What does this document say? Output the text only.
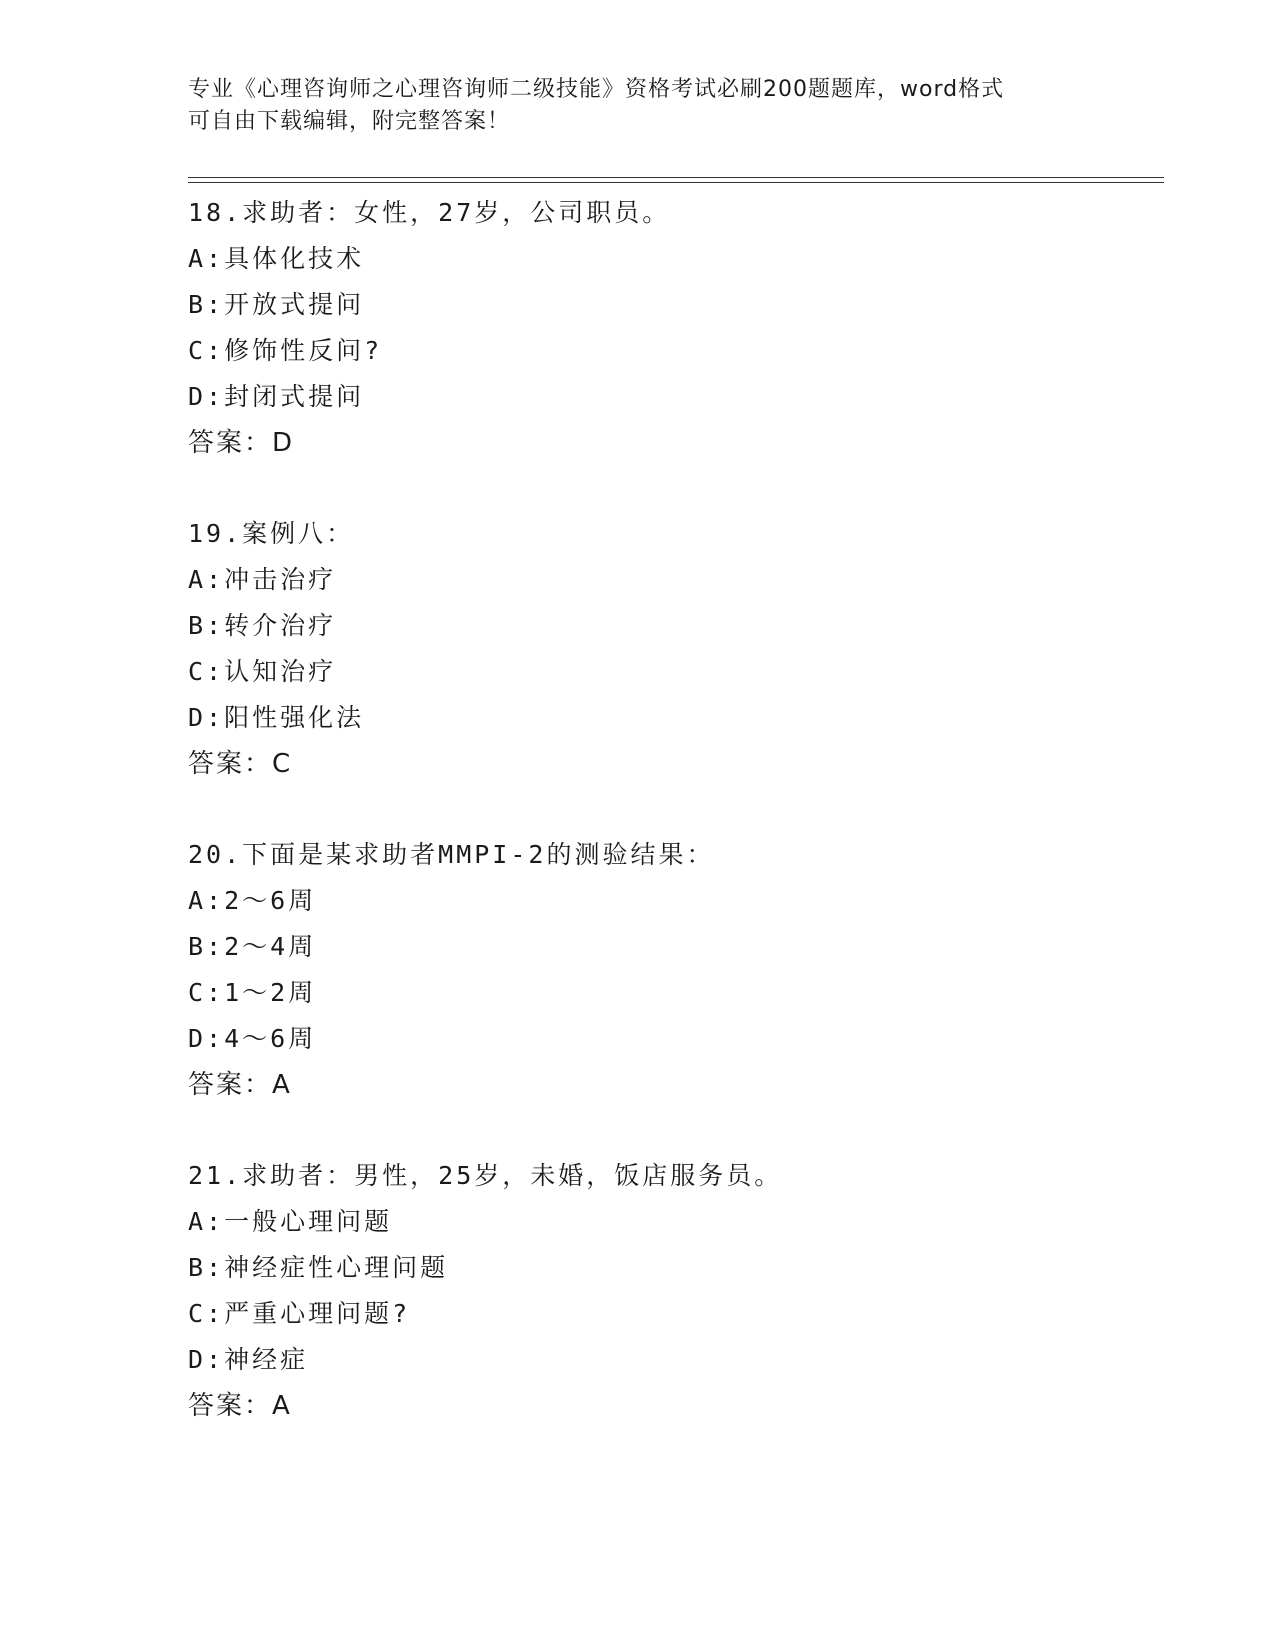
专业《心理咨询师之心理咨询师二级技能》资格考试必刷200题题库，word格式
可自由下载编辑，附完整答案！
18.求助者：女性，27岁，公司职员。
A: 具体化技术
B: 开放式提问
C: 修饰性反问?
D: 封闭式提问
答案：D
19.案例八：
A: 冲击治疗
B: 转介治疗
C: 认知治疗
D: 阳性强化法
答案：C
20.下面是某求助者MMPI-2的测验结果：
A: 2～6周
B: 2～4周
C: 1～2周
D: 4～6周
答案：A
21.求助者：男性，25岁，未婚，饭店服务员。
A: 一般心理问题
B: 神经症性心理问题
C: 严重心理问题?
D: 神经症
答案：A
